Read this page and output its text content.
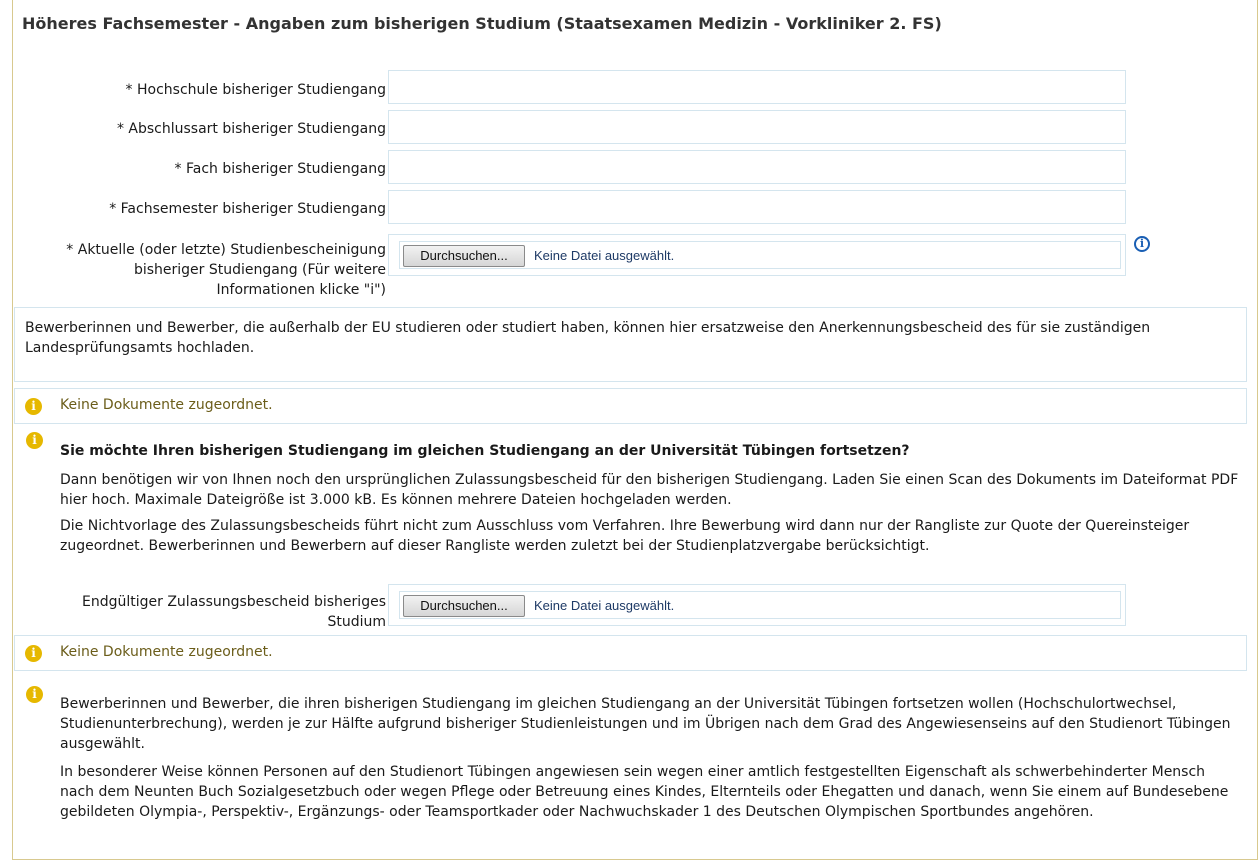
Höheres Fachsemester - Angaben zum bisherigen Studium (Staatsexamen Medizin - Vorkliniker 2. FS)
* Hochschule bisheriger Studiengang
* Abschlussart bisheriger Studiengang
* Fach bisheriger Studiengang
* Fachsemester bisheriger Studiengang
* Aktuelle (oder letzte) Studienbescheinigung
bisheriger Studiengang (Für weitere
Informationen klicke "i")
Durchsuchen...	Keine Datei ausgewählt.
i
Bewerberinnen und Bewerber, die außerhalb der EU studieren oder studiert haben, können hier ersatzweise den Anerkennungsbescheid des für sie zuständigen Landesprüfungsamts hochladen.
i	Keine Dokumente zugeordnet.
i
Sie möchte Ihren bisherigen Studiengang im gleichen Studiengang an der Universität Tübingen fortsetzen?
Dann benötigen wir von Ihnen noch den ursprünglichen Zulassungsbescheid für den bisherigen Studiengang. Laden Sie einen Scan des Dokuments im Dateiformat PDF hier hoch. Maximale Dateigröße ist 3.000 kB. Es können mehrere Dateien hochgeladen werden.
Die Nichtvorlage des Zulassungsbescheids führt nicht zum Ausschluss vom Verfahren. Ihre Bewerbung wird dann nur der Rangliste zur Quote der Quereinsteiger zugeordnet. Bewerberinnen und Bewerbern auf dieser Rangliste werden zuletzt bei der Studienplatzvergabe berücksichtigt.
Endgültiger Zulassungsbescheid bisheriges
Studium
Durchsuchen...	Keine Datei ausgewählt.
i	Keine Dokumente zugeordnet.
i
Bewerberinnen und Bewerber, die ihren bisherigen Studiengang im gleichen Studiengang an der Universität Tübingen fortsetzen wollen (Hochschulortwechsel, Studienunterbrechung), werden je zur Hälfte aufgrund bisheriger Studienleistungen und im Übrigen nach dem Grad des Angewiesenseins auf den Studienort Tübingen ausgewählt.
In besonderer Weise können Personen auf den Studienort Tübingen angewiesen sein wegen einer amtlich festgestellten Eigenschaft als schwerbehinderter Mensch nach dem Neunten Buch Sozialgesetzbuch oder wegen Pflege oder Betreuung eines Kindes, Elternteils oder Ehegatten und danach, wenn Sie einem auf Bundesebene gebildeten Olympia-, Perspektiv-, Ergänzungs- oder Teamsportkader oder Nachwuchskader 1 des Deutschen Olympischen Sportbundes angehören.
